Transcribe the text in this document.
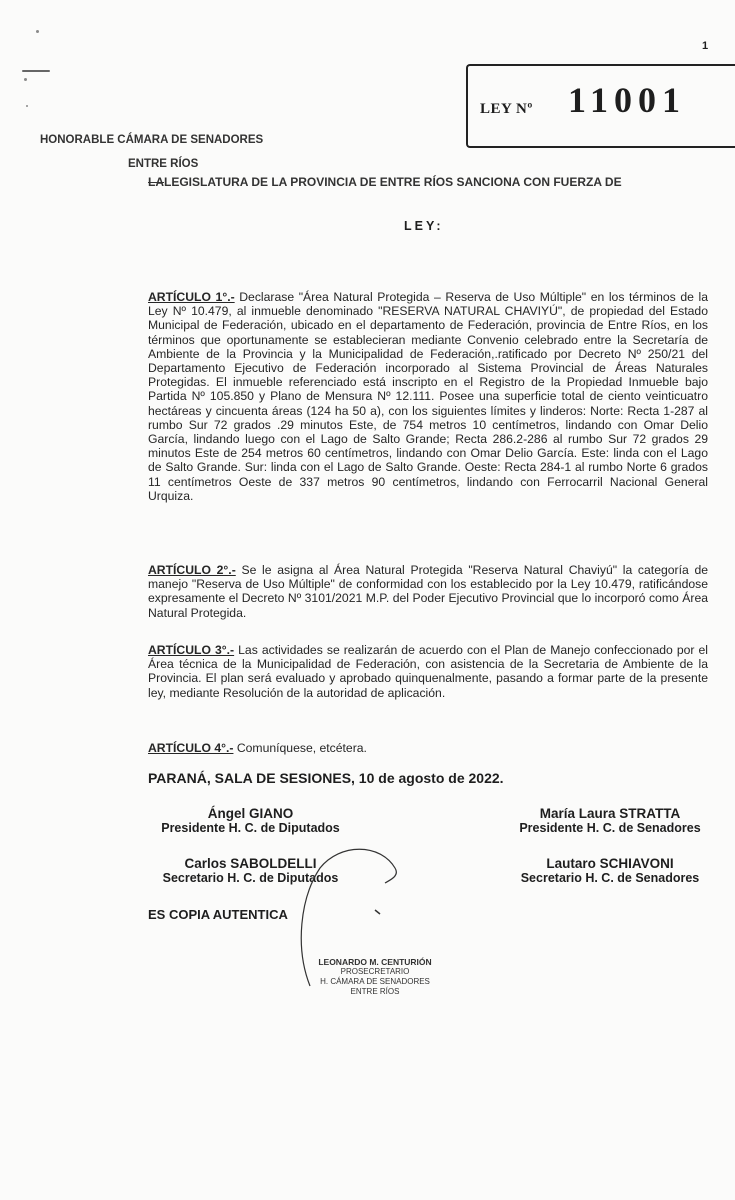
1
LEY Nº 11001
HONORABLE CÁMARA DE SENADORES
ENTRE RÍOS
LALEGISLATURA DE LA PROVINCIA DE ENTRE RÍOS SANCIONA CON FUERZA DE
LEY:
ARTÍCULO 1°.- Declarase "Área Natural Protegida – Reserva de Uso Múltiple" en los términos de la Ley Nº 10.479, al inmueble denominado "RESERVA NATURAL CHAVIYÚ", de propiedad del Estado Municipal de Federación, ubicado en el departamento de Federación, provincia de Entre Ríos, en los términos que oportunamente se establecieran mediante Convenio celebrado entre la Secretaría de Ambiente de la Provincia y la Municipalidad de Federación,.ratificado por Decreto Nº 250/21 del Departamento Ejecutivo de Federación incorporado al Sistema Provincial de Áreas Naturales Protegidas. El inmueble referenciado está inscripto en el Registro de la Propiedad Inmueble bajo Partida Nº 105.850 y Plano de Mensura Nº 12.111. Posee una superficie total de ciento veinticuatro hectáreas y cincuenta áreas (124 ha 50 a), con los siguientes límites y linderos: Norte: Recta 1-287 al rumbo Sur 72 grados .29 minutos Este, de 754 metros 10 centímetros, lindando con Omar Delio García, lindando luego con el Lago de Salto Grande; Recta 286.2-286 al rumbo Sur 72 grados 29 minutos Este de 254 metros 60 centímetros, lindando con Omar Delio García. Este: linda con el Lago de Salto Grande. Sur: linda con el Lago de Salto Grande. Oeste: Recta 284-1 al rumbo Norte 6 grados 11 centímetros Oeste de 337 metros 90 centímetros, lindando con Ferrocarril Nacional General Urquiza.
ARTÍCULO 2°.- Se le asigna al Área Natural Protegida "Reserva Natural Chaviyú" la categoría de manejo "Reserva de Uso Múltiple" de conformidad con los establecido por la Ley 10.479, ratificándose expresamente el Decreto Nº 3101/2021 M.P. del Poder Ejecutivo Provincial que lo incorporó como Área Natural Protegida.
ARTÍCULO 3°.- Las actividades se realizarán de acuerdo con el Plan de Manejo confeccionado por el Área técnica de la Municipalidad de Federación, con asistencia de la Secretaria de Ambiente de la Provincia. El plan será evaluado y aprobado quinquenalmente, pasando a formar parte de la presente ley, mediante Resolución de la autoridad de aplicación.
ARTÍCULO 4°.- Comuníquese, etcétera.
PARANÁ, SALA DE SESIONES, 10 de agosto de 2022.
Ángel GIANO
Presidente H. C. de Diputados
María Laura STRATTA
Presidente H. C. de Senadores
Carlos SABOLDELLI
Secretario H. C. de Diputados
Lautaro SCHIAVONI
Secretario H. C. de Senadores
ES COPIA AUTENTICA
LEONARDO M. CENTURIÓN
PROSECRETARIO
H. CÁMARA DE SENADORES
ENTRE RÍOS
